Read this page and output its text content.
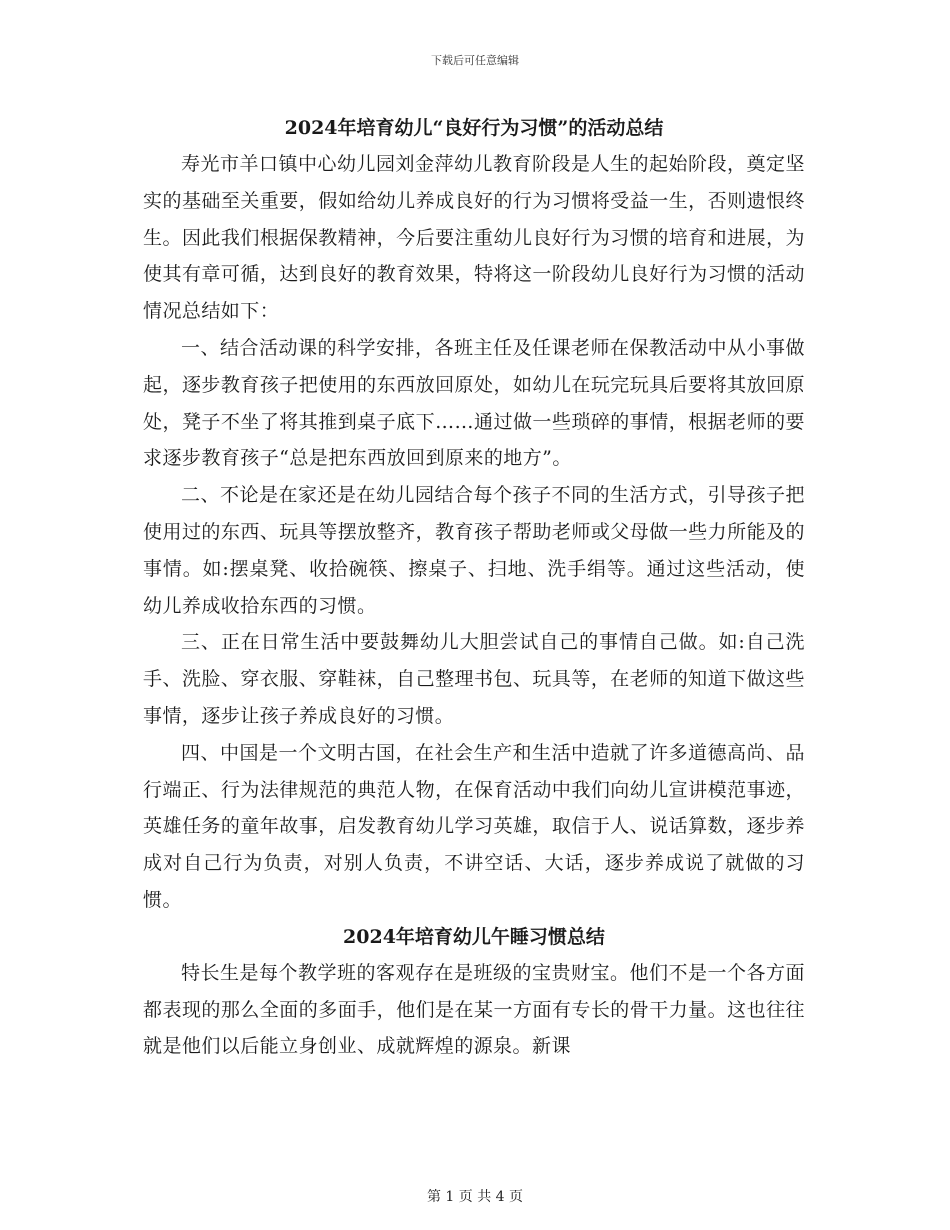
下载后可任意编辑
2024年培育幼儿“良好行为习惯”的活动总结

寿光市羊口镇中心幼儿园刘金萍幼儿教育阶段是人生的起始阶段，奠定坚实的基础至关重要，假如给幼儿养成良好的行为习惯将受益一生，否则遗恨终生。因此我们根据保教精神，今后要注重幼儿良好行为习惯的培育和进展，为使其有章可循，达到良好的教育效果，特将这一阶段幼儿良好行为习惯的活动情况总结如下：

一、结合活动课的科学安排，各班主任及任课老师在保教活动中从小事做起，逐步教育孩子把使用的东西放回原处，如幼儿在玩完玩具后要将其放回原处，凳子不坐了将其推到桌子底下……通过做一些琐碎的事情，根据老师的要求逐步教育孩子“总是把东西放回到原来的地方”。

二、不论是在家还是在幼儿园结合每个孩子不同的生活方式，引导孩子把使用过的东西、玩具等摆放整齐，教育孩子帮助老师或父母做一些力所能及的事情。如:摆桌凳、收拾碗筷、擦桌子、扫地、洗手绢等。通过这些活动，使幼儿养成收拾东西的习惯。

三、正在日常生活中要鼓舞幼儿大胆尝试自己的事情自己做。如:自己洗手、洗脸、穿衣服、穿鞋袜，自己整理书包、玩具等，在老师的知道下做这些事情，逐步让孩子养成良好的习惯。

四、中国是一个文明古国，在社会生产和生活中造就了许多道德高尚、品行端正、行为法律规范的典范人物，在保育活动中我们向幼儿宣讲模范事迹，英雄任务的童年故事，启发教育幼儿学习英雄，取信于人、说话算数，逐步养成对自己行为负责，对别人负责，不讲空话、大话，逐步养成说了就做的习惯。

2024年培育幼儿午睡习惯总结

特长生是每个教学班的客观存在是班级的宝贵财宝。他们不是一个各方面都表现的那么全面的多面手，他们是在某一方面有专长的骨干力量。这也往往就是他们以后能立身创业、成就辉煌的源泉。新课

第 1 页 共 4 页
